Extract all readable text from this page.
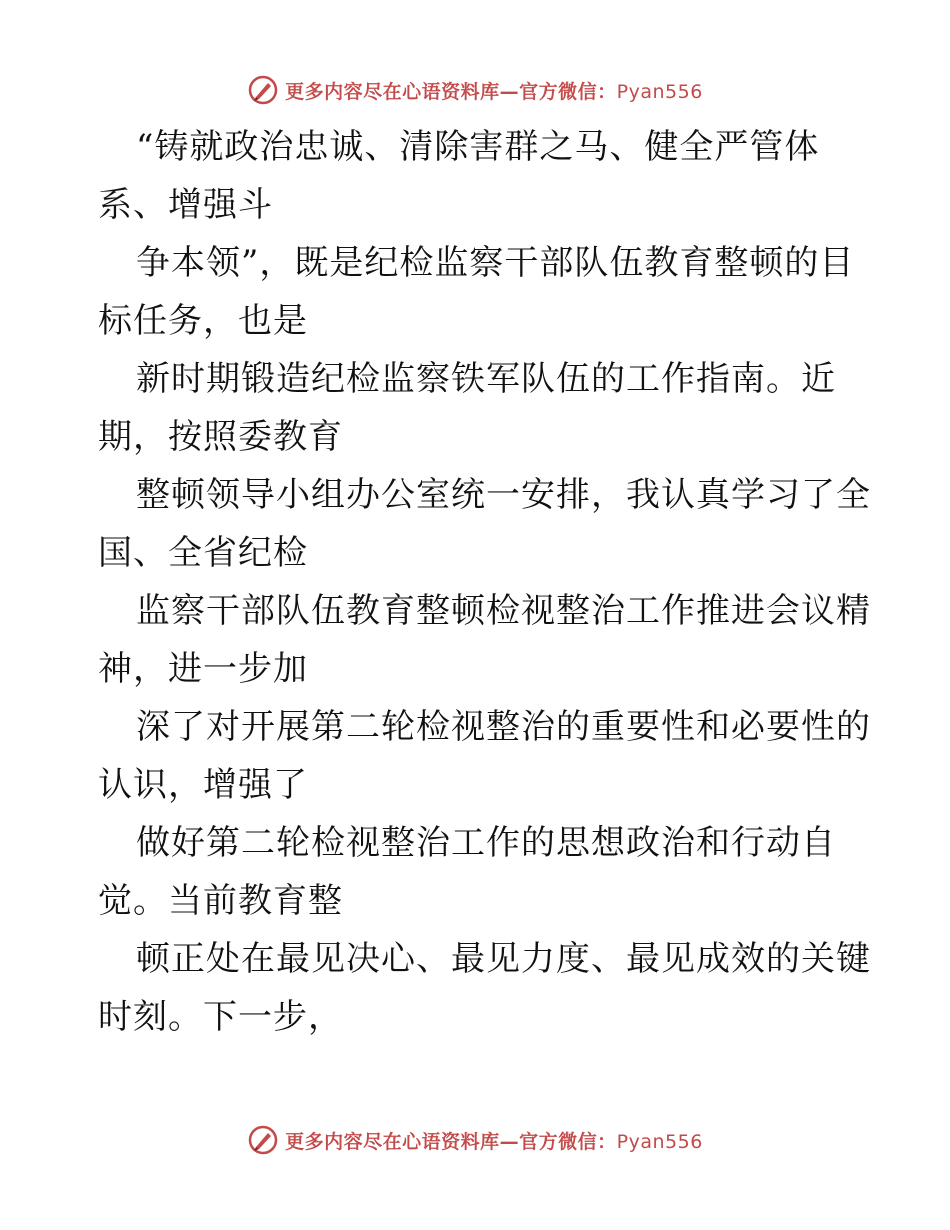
更多内容尽在心语资料库—官方微信：Pyan556

“铸就政治忠诚、清除害群之马、健全严管体

系、增强斗

争本领”，既是纪检监察干部队伍教育整顿的目

标任务，也是

新时期锻造纪检监察铁军队伍的工作指南。近

期，按照委教育

整顿领导小组办公室统一安排，我认真学习了全

国、全省纪检

监察干部队伍教育整顿检视整治工作推进会议精

神，进一步加

深了对开展第二轮检视整治的重要性和必要性的

认识，增强了

做好第二轮检视整治工作的思想政治和行动自

觉。当前教育整

顿正处在最见决心、最见力度、最见成效的关键

时刻。下一步，

更多内容尽在心语资料库—官方微信：Pyan556
